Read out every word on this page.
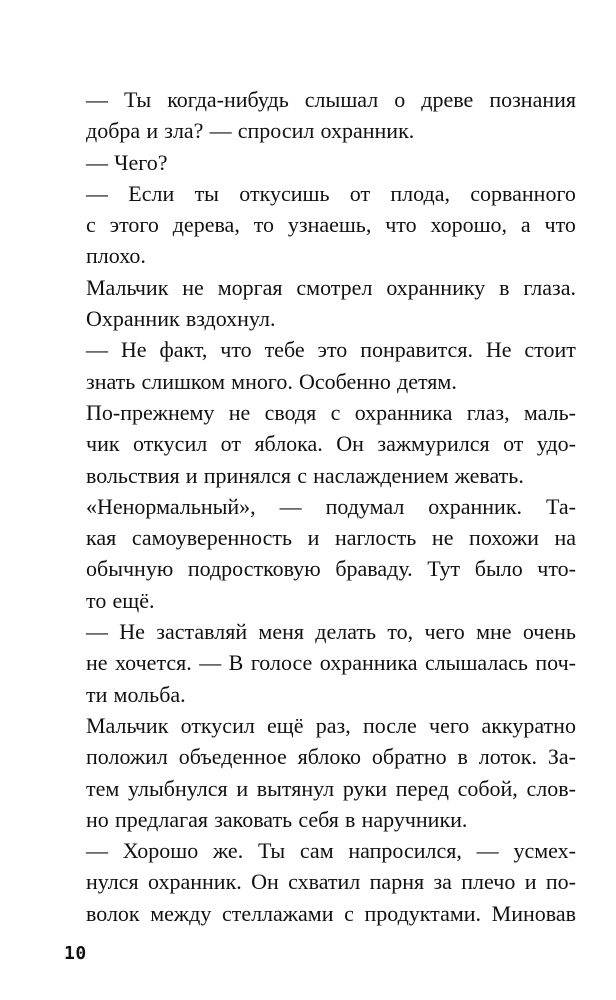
— Ты когда-нибудь слышал о древе познания
добра и зла? — спросил охранник.
— Чего?
— Если ты откусишь от плода, сорванного
с этого дерева, то узнаешь, что хорошо, а что
плохо.
Мальчик не моргая смотрел охраннику в глаза.
Охранник вздохнул.
— Не факт, что тебе это понравится. Не стоит
знать слишком много. Особенно детям.
По-прежнему не сводя с охранника глаз, маль-
чик откусил от яблока. Он зажмурился от удо-
вольствия и принялся с наслаждением жевать.
«Ненормальный», — подумал охранник. Та-
кая самоуверенность и наглость не похожи на
обычную подростковую браваду. Тут было что-
то ещё.
— Не заставляй меня делать то, чего мне очень
не хочется. — В голосе охранника слышалась поч-
ти мольба.
Мальчик откусил ещё раз, после чего аккуратно
положил объеденное яблоко обратно в лоток. За-
тем улыбнулся и вытянул руки перед собой, слов-
но предлагая заковать себя в наручники.
— Хорошо же. Ты сам напросился, — усмех-
нулся охранник. Он схватил парня за плечо и по-
волок между стеллажами с продуктами. Миновав
10
